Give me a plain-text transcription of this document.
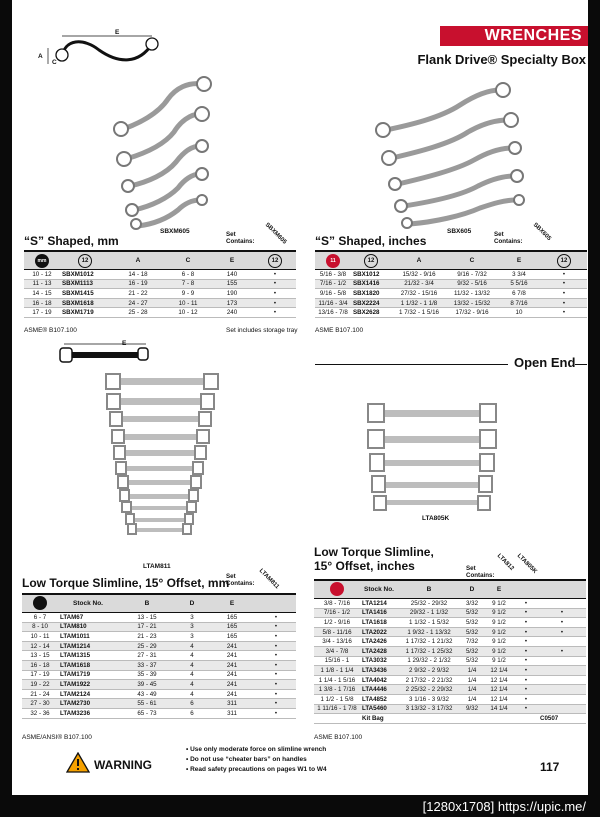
[1280x1708] https://upic.me/
WRENCHES
Flank Drive® Specialty Box
E
A
C
SBXM605	SBX605
“S” Shaped, mm	Set Contains:	SBXM605
mm	12	A	C	E	12
10 - 12	SBXM1012	14 - 18	6 - 8	140	•
11 - 13	SBXM1113	16 - 19	7 - 8	155	•
14 - 15	SBXM1415	21 - 22	9 - 9	190	•
16 - 18	SBXM1618	24 - 27	10 - 11	173	•
17 - 19	SBXM1719	25 - 28	10 - 12	240	•
ASME® B107.100	Set includes storage tray
“S” Shaped, inches	Set Contains:	SBX605
11	12	A	C	E	12
5/16 - 3/8	SBX1012	15/32 - 9/16	9/16 - 7/32	3 3/4	•
7/16 - 1/2	SBX1416	21/32 - 3/4	9/32 - 5/16	5 5/16	•
9/16 - 5/8	SBX1820	27/32 - 15/16	11/32 - 13/32	6 7/8	•
11/16 - 3/4	SBX2224	1 1/32 - 1 1/8	13/32 - 15/32	8 7/16	•
13/16 - 7/8	SBX2628	1 7/32 - 1 5/16	17/32 - 9/16	10	•
ASME B107.100
Open End
E
LTAM811
LTA805K
Low Torque Slimline, 15° Offset, mm
Set Contains: LTAM811
	Stock No.	B	D	E	
6 - 7	LTAM67	13 - 15	3	165	•
8 - 10	LTAM810	17 - 21	3	165	•
10 - 11	LTAM1011	21 - 23	3	165	•
12 - 14	LTAM1214	25 - 29	4	241	•
13 - 15	LTAM1315	27 - 31	4	241	•
16 - 18	LTAM1618	33 - 37	4	241	•
17 - 19	LTAM1719	35 - 39	4	241	•
19 - 22	LTAM1922	39 - 45	4	241	•
21 - 24	LTAM2124	43 - 49	4	241	•
27 - 30	LTAM2730	55 - 61	6	311	•
32 - 36	LTAM3236	65 - 73	6	311	•
ASME/ANSI® B107.100
Low Torque Slimline,
15° Offset, inches	Set Contains:
LTA812 LTA805K
	Stock No.	B	D	E		
3/8 - 7/16	LTA1214	25/32 - 29/32	3/32	9 1/2	•	
7/16 - 1/2	LTA1416	29/32 - 1 1/32	5/32	9 1/2	•	•
1/2 - 9/16	LTA1618	1 1/32 - 1 5/32	5/32	9 1/2	•	•
5/8 - 11/16	LTA2022	1 9/32 - 1 13/32	5/32	9 1/2	•	•
3/4 - 13/16	LTA2426	1 17/32 - 1 21/32	7/32	9 1/2	•	
3/4 - 7/8	LTA2428	1 17/32 - 1 25/32	5/32	9 1/2	•	•
15/16 - 1	LTA3032	1 29/32 - 2 1/32	5/32	9 1/2	•	
1 1/8 - 1 1/4	LTA3436	2 9/32 - 2 9/32	1/4	12 1/4	•	
1 1/4 - 1 5/16	LTA4042	2 17/32 - 2 21/32	1/4	12 1/4	•	
1 3/8 - 1 7/16	LTA4446	2 25/32 - 2 29/32	1/4	12 1/4	•	
1 1/2 - 1 5/8	LTA4852	3 1/16 - 3 9/32	1/4	12 1/4	•	
1 11/16 - 1 7/8	LTA5460	3 13/32 - 3 17/32	9/32	14 1/4	•	
	Kit Bag					C0507
ASME B107.100
WARNING
• Use only moderate force on slimline wrench
• Do not use “cheater bars” on handles
• Read safety precautions on pages W1 to W4	117
